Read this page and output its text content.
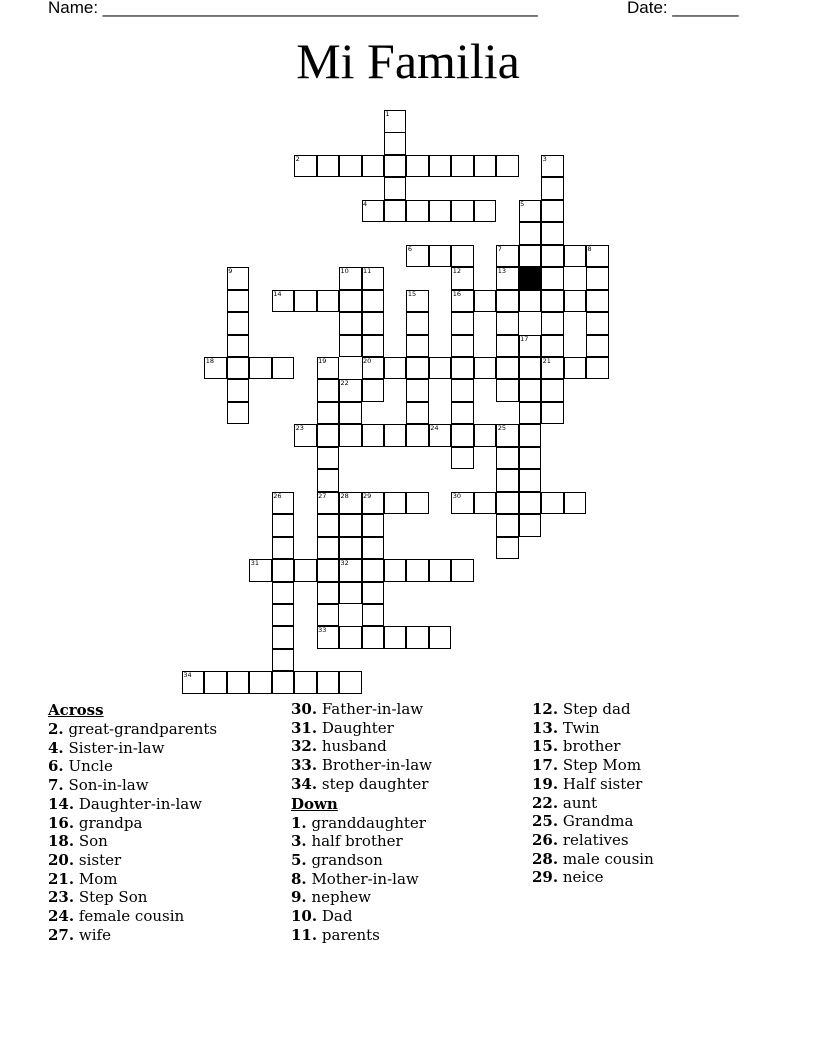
Name: ______________________________________________	Date: _______
Mi Familia
1
2	3
4	5
6	7	8
9	10 11	12	13
14	15	16
17
18	19	20	21
22
23	24	25
26	27 28 29	30
31	32
33
34
Across
2. great-grandparents
4. Sister-in-law
6. Uncle
7. Son-in-law
14. Daughter-in-law
16. grandpa
18. Son
20. sister
21. Mom
23. Step Son
24. female cousin
27. wife
30. Father-in-law
31. Daughter
32. husband
33. Brother-in-law
34. step daughter
Down
1. granddaughter
3. half brother
5. grandson
8. Mother-in-law
9. nephew
10. Dad
11. parents
12. Step dad
13. Twin
15. brother
17. Step Mom
19. Half sister
22. aunt
25. Grandma
26. relatives
28. male cousin
29. neice
